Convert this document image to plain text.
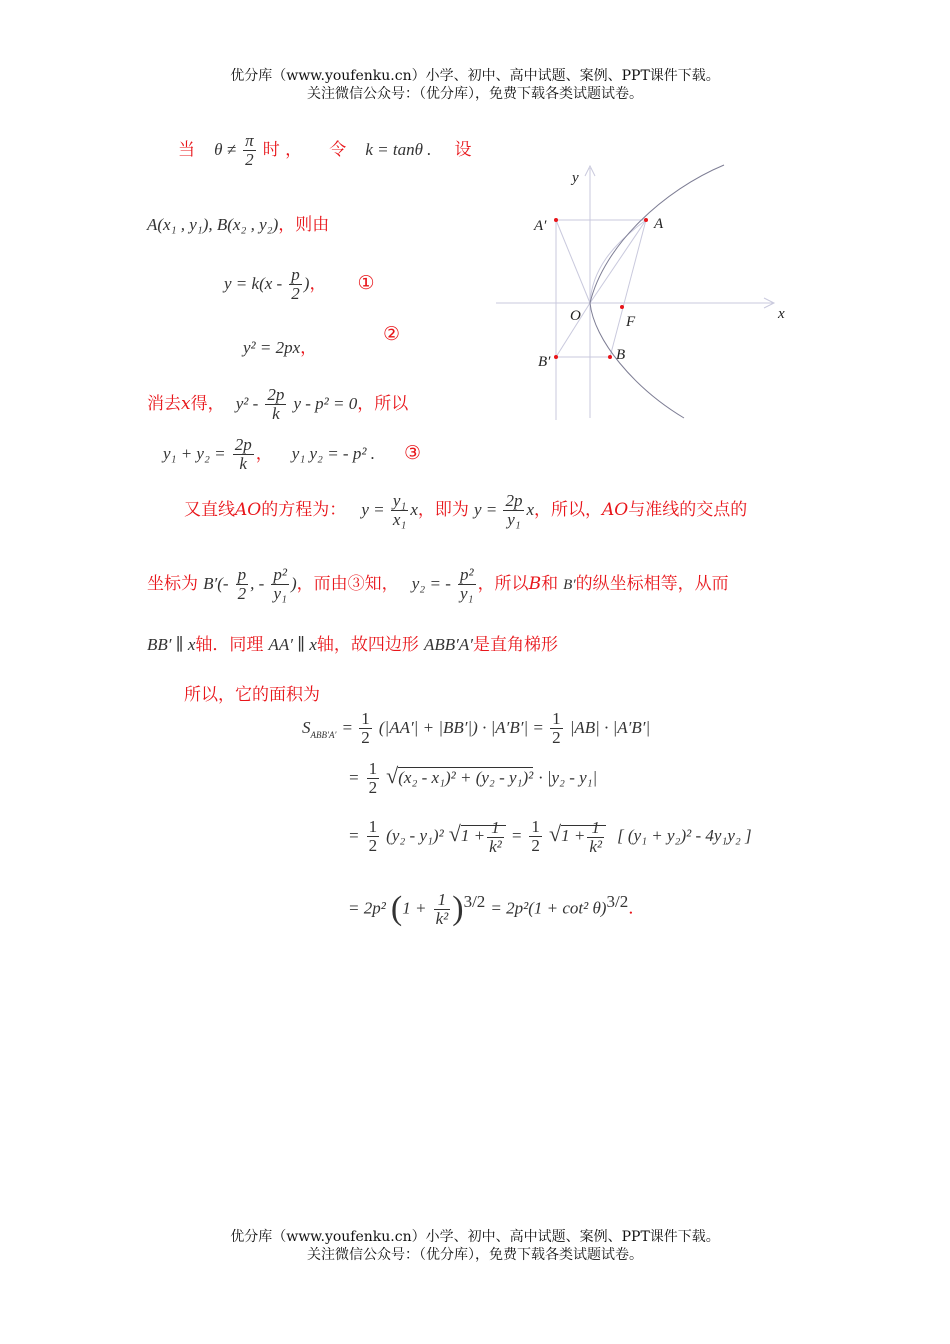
优分库（www.youfenku.cn）小学、初中、高中试题、案例、PPT课件下载。
关注微信公众号：（优分库），免费下载各类试题试卷。
当 $\theta \ne \frac{\pi}{2}$ 时 ， 令 k = tanθ . 设
A(x₁ , y₁), B(x₂ , y₂)，则由
$y = k(x - \frac{p}{2}$ )， ①
y² = 2px，
②
消去x得， $y^2 - \frac{2p}{k}$ y - p² = 0，所以
$y_1 + y_2 = \frac{2p}{k}$ ， y₁ y₂ = - p² . ③
又直线AO的方程为： $y = \frac{\text{y₁}}{\text{x₁}}$ x，即为 $y = \frac{2p}{\text{y₁}}$ x，所以，AO与准线的交点的
坐标为 $B'(- \frac{p}{2}$ , - $\frac{\text{p²}}{\text{y₁}}$ )，而由③知， y₂ = - $\frac{\text{p²}}{\text{y₁}}$ ，所以B和 B′的纵坐标相等，从而
BB′ ∥ x轴．同理 AA′ ∥ x轴，故四边形 ABB′A′是直角梯形
所以，它的面积为
$S_{ABB'A'} = \frac{1}{2} (|AA'| + |BB'|) \cdot |A'B'| = \frac{1}{2} |AB| \cdot |A'B'|$
= $\frac{1}{2} √(x_2 - x_1)^2 + (y_2 - y_1)^2 \cdot |y_2 - y_1|$
= $\frac{1}{2} (y_2 - y_1)^2$ $√1 + \frac{1}{\text{k²}} = \frac{1}{2} √1 + \frac{1}{\text{k²}}$ [ (y₁ + y₂)² - 4y₁y₂ ]
= 2p² $(1 + \frac{1}{\text{k²}} )^{3/2} = 2p^2(1 + \cot^2$ θ)$^{3/2}$．
y
x
O	F
A
B
A′
B′
优分库（www.youfenku.cn）小学、初中、高中试题、案例、PPT课件下载。
关注微信公众号：（优分库），免费下载各类试题试卷。
